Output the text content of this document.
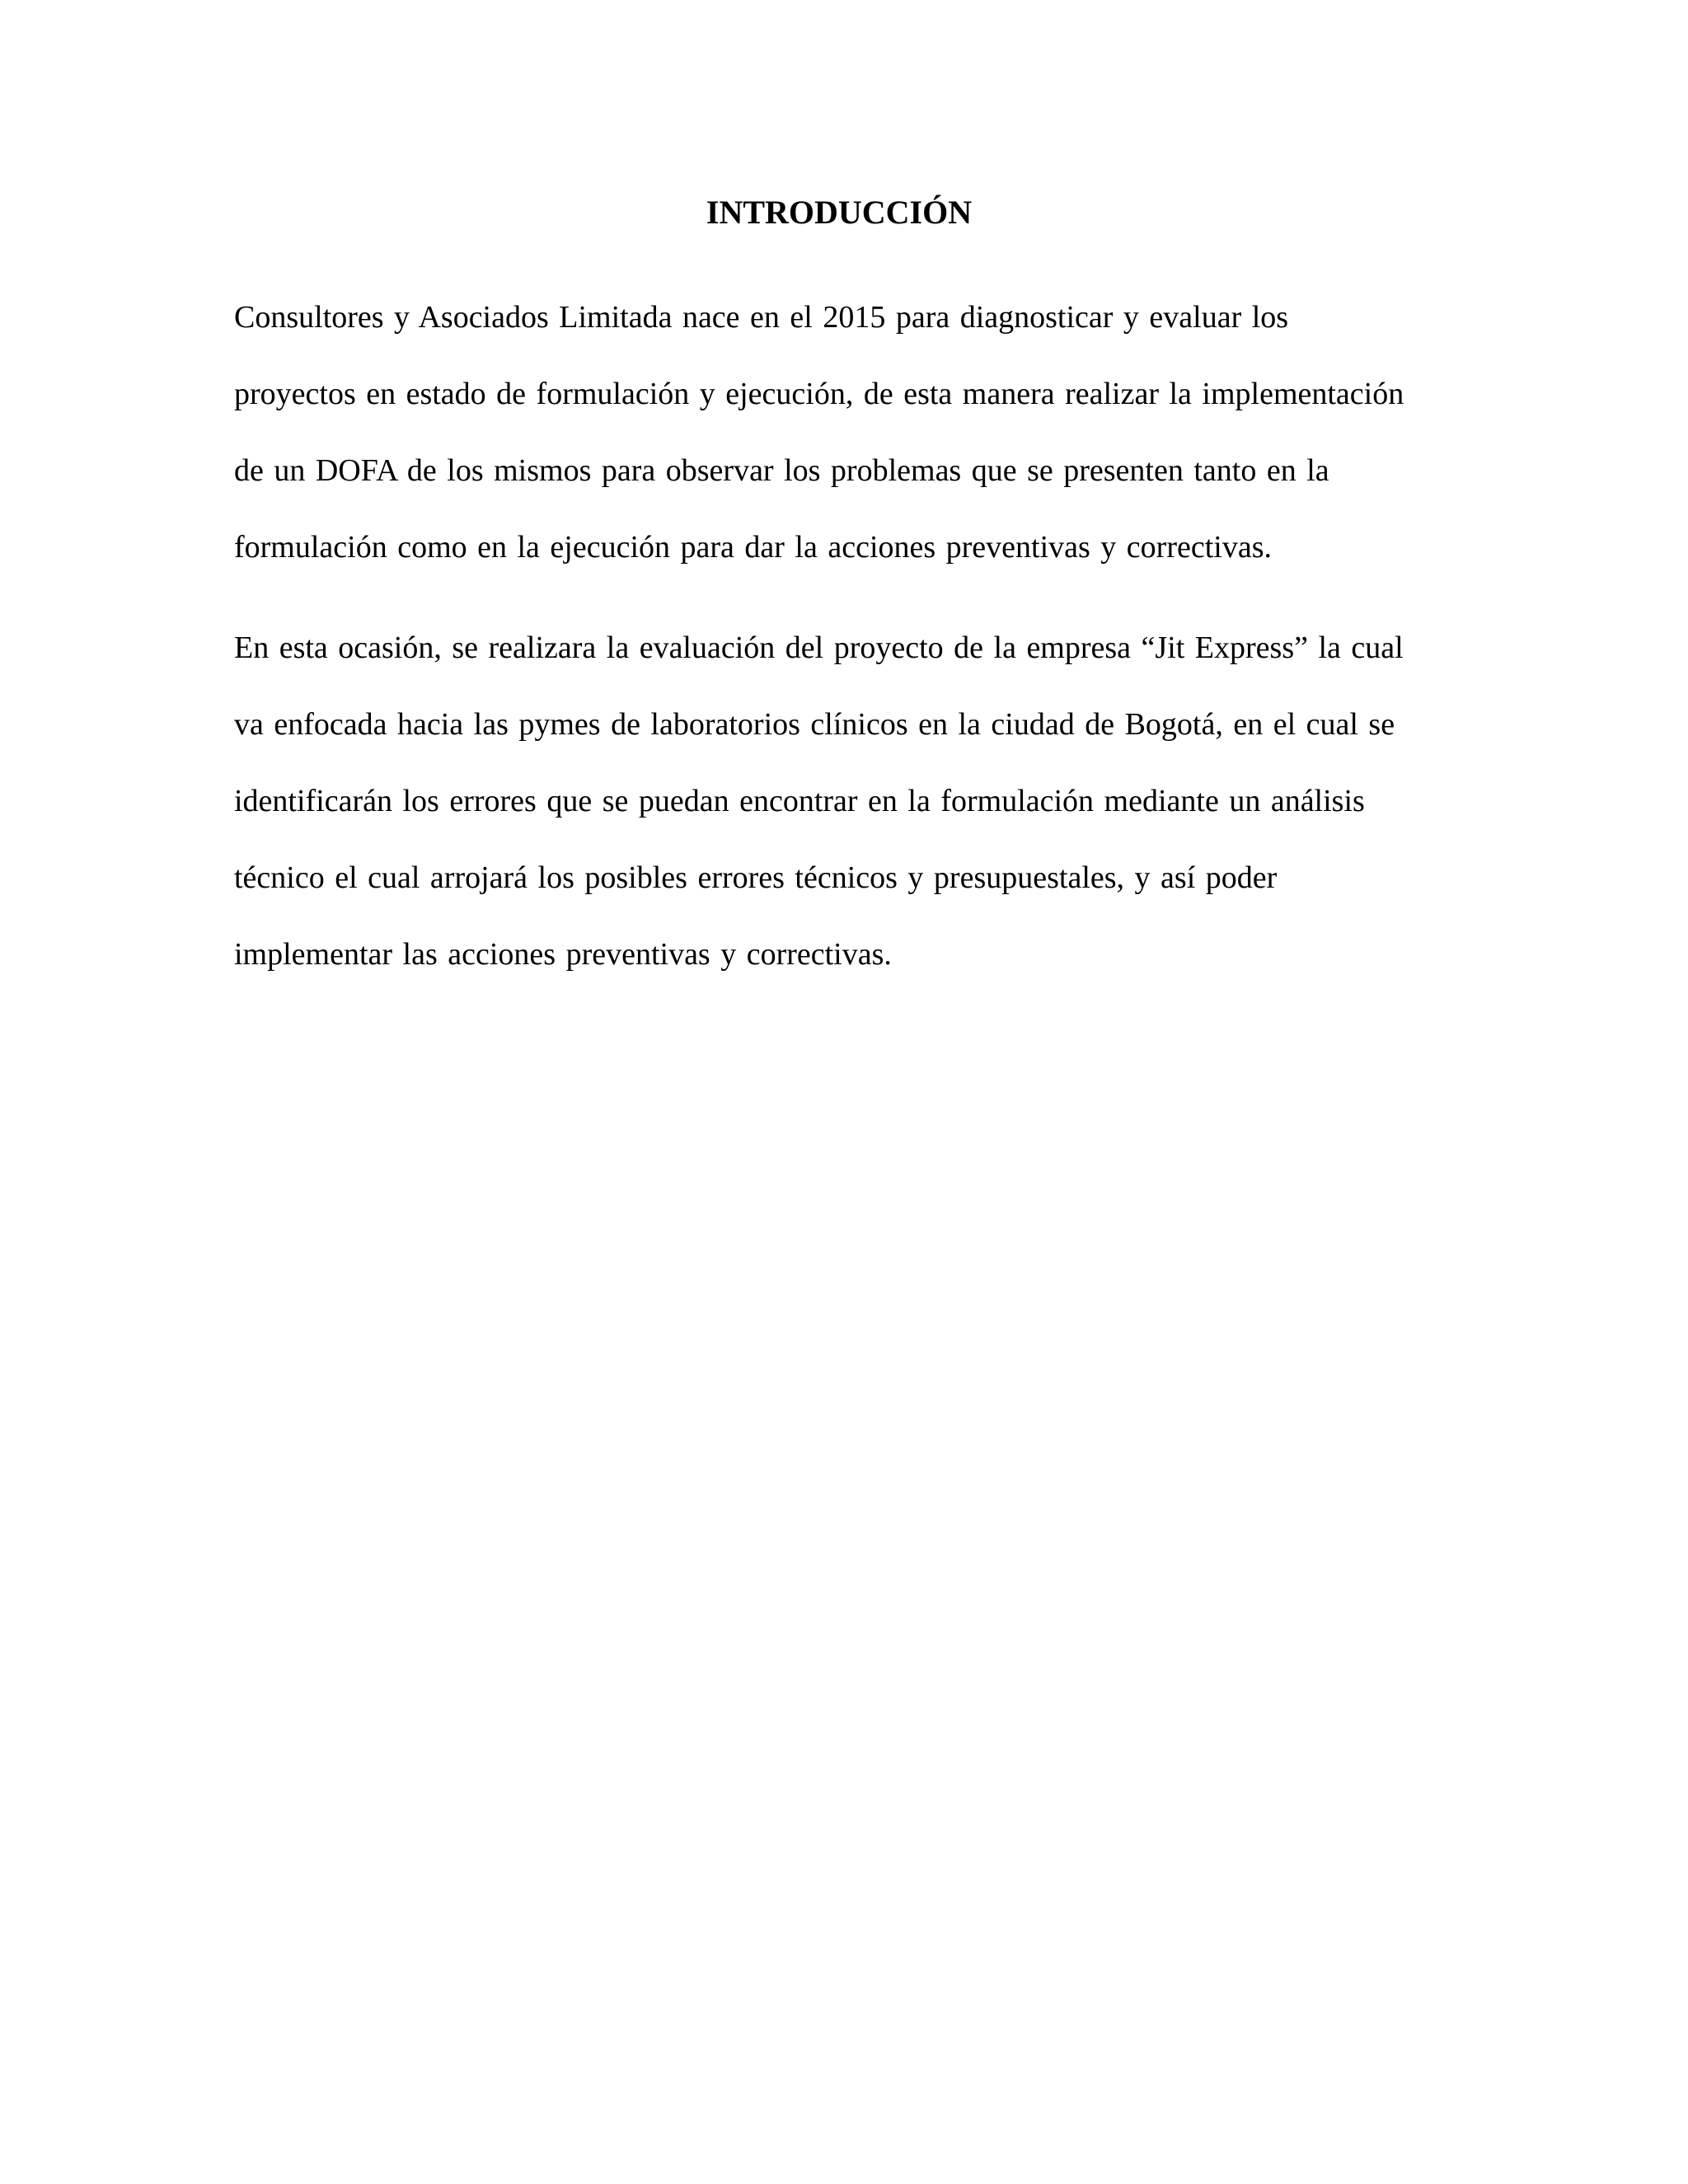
INTRODUCCIÓN

Consultores y Asociados Limitada nace en el 2015 para diagnosticar y evaluar los

proyectos en estado de formulación y ejecución, de esta manera realizar la implementación

de un DOFA de los mismos para observar los problemas que se presenten tanto en la

formulación como en la ejecución para dar la acciones preventivas y correctivas.

En esta ocasión, se realizara la evaluación del proyecto de la empresa “Jit Express” la cual

va enfocada hacia las pymes de laboratorios clínicos en la ciudad de Bogotá, en el cual se

identificarán los errores que se puedan encontrar en la formulación mediante un análisis

técnico el cual arrojará los posibles errores técnicos y presupuestales, y así poder

implementar las acciones preventivas y correctivas.
